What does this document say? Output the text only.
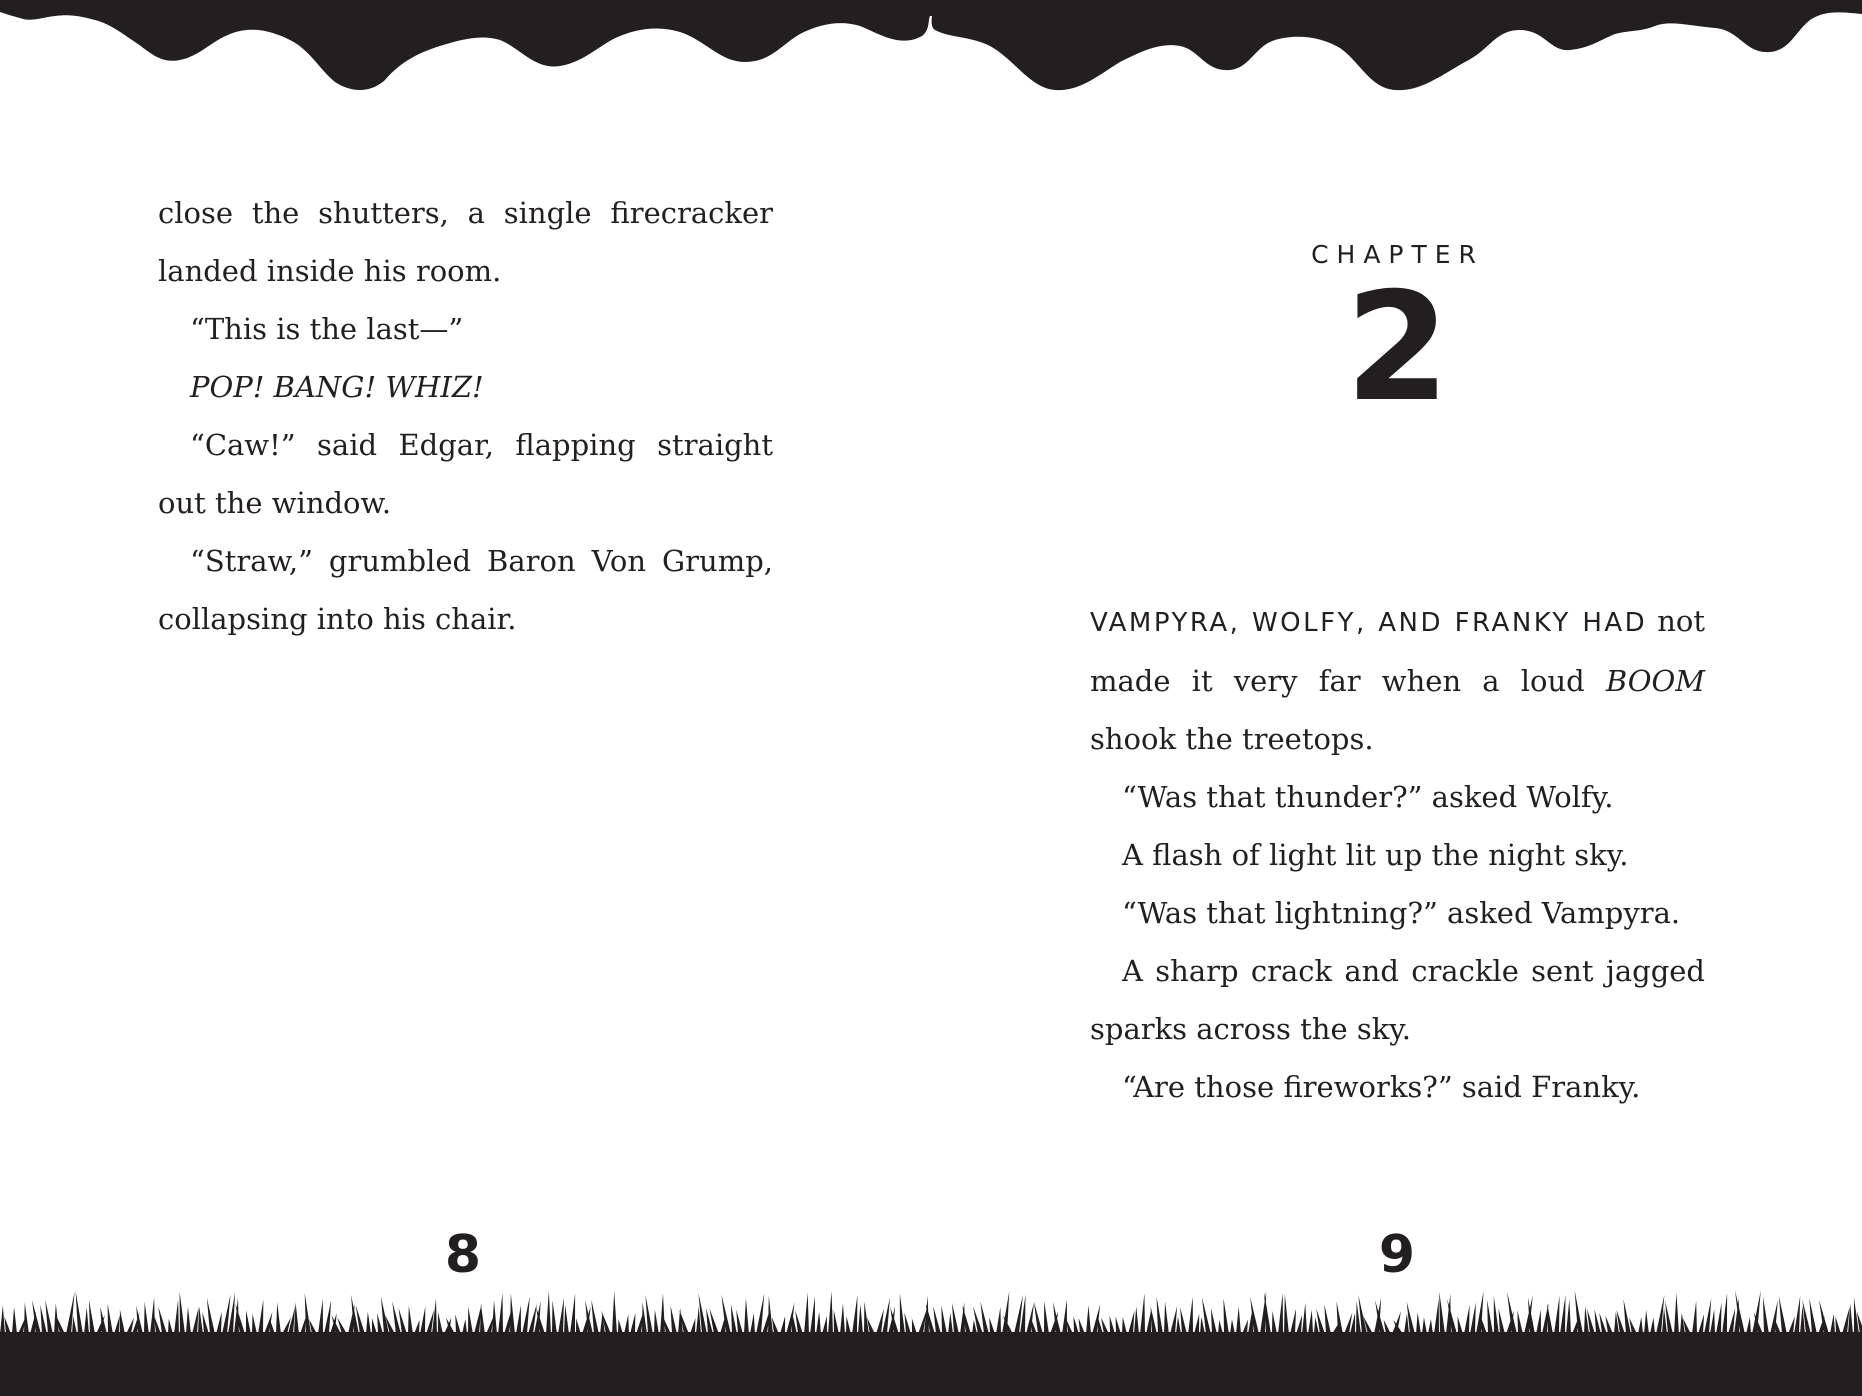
close the shutters, a single firecracker landed inside his room.

“This is the last—”

POP! BANG! WHIZ!

“Caw!” said Edgar, flapping straight out the window.

“Straw,” grumbled Baron Von Grump, collapsing into his chair.

CHAPTER
2

VAMPYRA, WOLFY, AND FRANKY HAD not made it very far when a loud BOOM shook the treetops.

“Was that thunder?” asked Wolfy.

A flash of light lit up the night sky.

“Was that lightning?” asked Vampyra.

A sharp crack and crackle sent jagged sparks across the sky.

“Are those fireworks?” said Franky.

8	9
